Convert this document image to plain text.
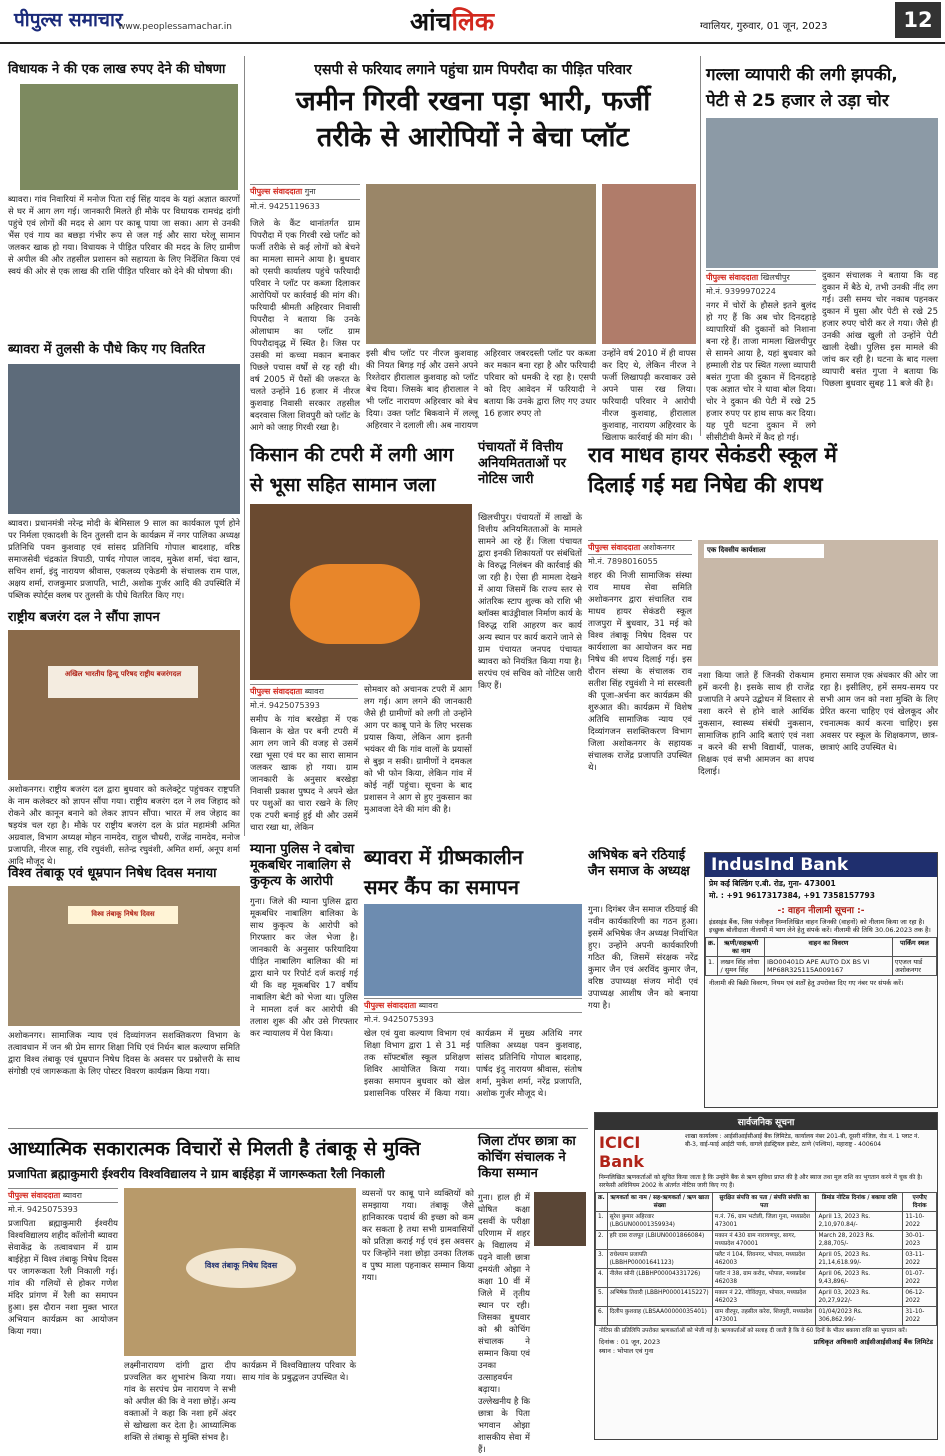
पीपुल्स समाचार
www.peoplessamachar.in	आंचलिक	ग्वालियर, गुरुवार, 01 जून, 2023	12
विधायक ने की एक लाख रुपए देने की घोषणा
ब्यावरा। गांव निवारियां में मनोज पिता राई सिंह यादव के यहां अज्ञात कारणों से घर में आग लग गई। जानकारी मिलते ही मौके पर विधायक रामचंद्र दांगी पहुंचे एवं लोगों की मदद से आग पर काबू पाया जा सका। आग से उनकी भैंस एवं गाय का बछड़ा गंभीर रूप से जल गई और सारा घरेलू सामान जलकर खाक हो गया। विधायक ने पीड़ित परिवार की मदद के लिए ग्रामीण से अपील की और तहसील प्रशासन को सहायता के लिए निर्देशित किया एवं स्वयं की ओर से एक लाख की राशि पीड़ित परिवार को देने की घोषणा की।
ब्यावरा में तुलसी के पौधे किए गए वितरित
ब्यावरा। प्रधानमंत्री नरेन्द्र मोदी के बेमिसाल 9 साल का कार्यकाल पूर्ण होने पर निर्मला एकादशी के दिन तुलसी दान के कार्यक्रम में नगर पालिका अध्यक्ष प्रतिनिधि पवन कुशवाह एवं सांसद प्रतिनिधि गोपाल बादशाह, वरिष्ठ समाजसेवी चंद्रकांत त्रिपाठी, पार्षद गोपाल जादव, मुकेश शर्मा, चंदा खान, सचिन शर्मा, इंदु नारायण श्रीवास, एकलव्य एकेडमी के संचालक राम पाल, अक्षय शर्मा, राजकुमार प्रजापति, भाटी, अशोक गुर्जर आदि की उपस्थिति में पब्लिक स्पोर्ट्स क्लब पर तुलसी के पौधे वितरित किए गए।
राष्ट्रीय बजरंग दल ने सौंपा ज्ञापन
अखिल भारतीय हिन्दू परिषद राष्ट्रीय बजरंगदल
अशोकनगर। राष्ट्रीय बजरंग दल द्वारा बुधवार को कलेक्ट्रेट पहुंचकर राष्ट्रपति के नाम कलेक्टर को ज्ञापन सौंपा गया। राष्ट्रीय बजरंग दल ने लव जिहाद को रोकने और कानून बनाने को लेकर ज्ञापन सौंपा। भारत में लव जेहाद का षड़यंत्र चल रहा है। मौके पर राष्ट्रीय बजरंग दल के प्रांत महामंत्री अमित अग्रवाल, विभाग अध्यक्ष मोहन नामदेव, राहुल चौधरी, राजेंद्र नामदेव, मनोज प्रजापति, नीरज साहू, रवि रघुवंशी, सतेन्द्र रघुवंशी, अमित शर्मा, अनूप शर्मा आदि मौजूद थे।
विश्व तंबाकू एवं धूम्रपान निषेध दिवस मनाया
विश्व तंबाकू निषेध दिवस
अशोकनगर। सामाजिक न्याय एवं दिव्यांगजन सशक्तिकरण विभाग के तत्वावधान में जन श्री प्रेम सागर शिक्षा निधि एवं निर्धन बाल कल्याण समिति द्वारा विश्व तंबाकू एवं धूम्रपान निषेध दिवस के अवसर पर प्रश्नोत्तरी के साथ संगोष्ठी एवं जागरूकता के लिए पोस्टर विवरण कार्यक्रम किया गया।
एसपी से फरियाद लगाने पहुंचा ग्राम पिपरौदा का पीड़ित परिवार
जमीन गिरवी रखना पड़ा भारी, फर्जी
तरीके से आरोपियों ने बेचा प्लॉट
पीपुल्स संवाददाता गुना
मो.नं. 9425119633
जिले के कैंट थानांतर्गत ग्राम पिपरौदा में एक गिरवी रखे प्लॉट को फर्जी तरीके से कई लोगों को बेचने का मामला सामने आया है। बुधवार को एसपी कार्यालय पहुंचे फरियादी परिवार ने प्लॉट पर कब्जा दिलाकर आरोपियों पर कार्रवाई की मांग की। फरियादी श्रीमती अहिरवार निवासी पिपरौदा ने बताया कि उनके ओलाधाम का प्लॉट ग्राम पिपरौदावृद्ध में स्थित है। जिस पर उसकी मां कच्चा मकान बनाकर पिछले पचास वर्षों से रह रही थी। वर्ष 2005 में पैसों की जरूरत के चलते उन्होंने 16 हजार में नीरज कुशवाह निवासी सरकार तहसील बदरवास जिला शिवपुरी को प्लॉट के आगे को जग़ह गिरवी रखा है।
इसी बीच प्लॉट पर नीरज कुशवाह की नियत बिगड़ गई और उसने अपने रिश्तेदार हीरालाल कुशवाह को प्लॉट बेच दिया। जिसके बाद हीरालाल ने भी प्लॉट नारायण अहिरवार को बेच दिया। उक्त प्लॉट बिकवाने में लल्लू अहिरवार ने दलाली ली। अब नारायण अहिरवार जबरदस्ती प्लॉट पर कब्जा कर मकान बना रहा है और फरियादी परिवार को धमकी दे रहा है। एसपी को दिए आवेदन में फरियादी ने बताया कि उनके द्वारा लिए गए उधार 16 हजार रुपए तो
उन्होंने वर्ष 2010 में ही वापस कर दिए थे, लेकिन नीरज ने फर्जी लिखापढ़ी करवाकर उसे अपने पास रख लिया। फरियादी परिवार ने आरोपी नीरज कुशवाह, हीरालाल कुशवाह, नारायण अहिरवार के खिलाफ कार्रवाई की मांग की।
गल्ला व्यापारी की लगी झपकी,
पेटी से 25 हजार ले उड़ा चोर
पीपुल्स संवाददाता खिलचीपुर
मो.नं. 9399970224
नगर में चोरों के हौसले इतने बुलंद हो गए हैं कि अब चोर दिनदहाड़े व्यापारियों की दुकानों को निशाना बना रहे हैं। ताजा मामला खिलचीपुर से सामने आया है, यहां बुधवार को हम्माली रोड पर स्थित गल्ला व्यापारी बसंत गुप्ता की दुकान में दिनदहाड़े एक अज्ञात चोर ने धावा बोल दिया। चोर ने दुकान की पेटी में रखे 25 हजार रुपए पर हाथ साफ कर दिया। यह पूरी घटना दुकान में लगे सीसीटीवी कैमरे में कैद हो गई।
दुकान संचालक ने बताया कि वह दुकान में बैठे थे, तभी उनकी नींद लग गई। उसी समय चोर नकाब पहनकर दुकान में घुसा और पेटी से रखे 25 हजार रुपए चोरी कर ले गया। जैसे ही उनकी आंख खुली तो उन्होंने पेटी खाली देखी। पुलिस इस मामले की जांच कर रही है। घटना के बाद गल्ला व्यापारी बसंत गुप्ता ने बताया कि पिछला बुधवार सुबह 11 बजे की है।
किसान की टपरी में लगी आग
से भूसा सहित सामान जला
पीपुल्स संवाददाता ब्यावरा
मो.नं. 9425075393
समीप के गांव बरखेड़ा में एक किसान के खेत पर बनी टपरी में आग लग जाने की वजह से उसमें रखा भूसा एवं घर का सारा सामान जलकर खाक हो गया। ग्राम जानकारी के अनुसार बरखेड़ा निवासी प्रकाश पुष्पद ने अपने खेत पर पशुओं का चारा रखने के लिए एक टपरी बनाई हुई थी और उसमें चारा रखा था, लेकिन
सोमवार को अचानक टपरी में आग लग गई। आग लगने की जानकारी जैसे ही ग्रामीणों को लगी तो उन्होंने आग पर काबू पाने के लिए भरसक प्रयास किया, लेकिन आग इतनी भयंकर थी कि गांव वालों के प्रयासों से बुझ न सकी। ग्रामीणों ने दमकल को भी फोन किया, लेकिन गांव में कोई नहीं पहुंचा। सूचना के बाद प्रशासन ने आग से हुए नुकसान का मुआवजा देने की मांग की है।
पंचायतों में वित्तीय अनियमितताओं पर नोटिस जारी
खिलचीपुर। पंचायतों में लाखों के वित्तीय अनियमितताओं के मामले सामने आ रहे हैं। जिला पंचायत द्वारा इनकी शिकायतों पर संबंधितों के विरुद्ध निलंबन की कार्रवाई की जा रही है। ऐसा ही मामला देखने में आया जिसमें कि राज्य स्तर से आंतरिक स्टाप शुल्क को राशि भी ब्लॉक्स बाउंड्रीवाल निर्माण कार्य के विरुद्ध राशि आहरण कर कार्य अन्य स्थान पर कार्य कराने जाने से ग्राम पंचायत जनपद पंचायत ब्यावरा को नियंत्रित किया गया है। सरपंच एवं सचिव को नोटिस जारी किए हैं।
राव माधव हायर सेकंडरी स्कूल में
दिलाई गई मद्य निषेद्य की शपथ
पीपुल्स संवाददाता अशोकनगर
मो.नं. 7898016055
शहर की निजी सामाजिक संस्था राव माधव सेवा समिति अशोकनगर द्वारा संचालित राव माधव हायर सेकंडरी स्कूल ताजपुरा में बुधवार, 31 मई को विश्व तंबाकू निषेध दिवस पर कार्यशाला का आयोजन कर मद्य निषेध की शपथ दिलाई गई। इस दौरान संस्था के संचालक राव सतीश सिंह रघुवंशी ने मां सरस्वती की पूजा-अर्चना कर कार्यक्रम की शुरुआत की। कार्यक्रम में विशेष अतिथि सामाजिक न्याय एवं दिव्यांगजन सशक्तिकरण विभाग जिला अशोकनगर के सहायक संचालक राजेंद्र प्रजापति उपस्थित थे।
एक दिवसीय कार्यशाला
नशा किया जाते हैं जिनकी रोकथाम हमें करनी है। इसके साथ ही राजेंद्र प्रजापति ने अपने उद्बोधन में विस्तार से नशा करने से होने वाले आर्थिक नुकसान, स्वास्थ्य संबंधी नुकसान, सामाजिक हानि आदि बताएं एवं नशा न करने की सभी विद्यार्थी, पालक, शिक्षक एवं सभी आमजन का शपथ दिलाई।
हमारा समाज एक अंधकार की ओर जा रहा है। इसीलिए, हमें समय-समय पर सभी आम जन को नशा मुक्ति के लिए प्रेरित करना चाहिए एवं खेलकूद और रचनात्मक कार्य करना चाहिए। इस अवसर पर स्कूल के शिक्षकगण, छात्र-छात्राएं आदि उपस्थित थे।
म्याना पुलिस ने दबोचा
मूकबधिर नाबालिग से
कुकृत्य के आरोपी
गुना। जिले की म्याना पुलिस द्वारा मूकबधिर नाबालिग बालिका के साथ कुकृत्य के आरोपी को गिरफ्तार कर जेल भेजा है। जानकारी के अनुसार फरियादिया पीड़ित नाबालिग बालिका की मां द्वारा थाने पर रिपोर्ट दर्ज कराई गई थी कि वह मूकबधिर 17 वर्षीय नाबालिग बेटी को भेजा था। पुलिस ने मामला दर्ज कर आरोपी की तलाश शुरू की और उसे गिरफ्तार कर न्यायालय में पेश किया।
ब्यावरा में ग्रीष्मकालीन
समर कैंप का समापन
पीपुल्स संवाददाता ब्यावरा
मो.नं. 9425075393
खेल एवं युवा कल्याण विभाग एवं शिक्षा विभाग द्वारा 1 से 31 मई तक सॉफ्टबॉल स्कूल प्रशिक्षण शिविर आयोजित किया गया। इसका समापन बुधवार को खेल प्रशासनिक परिसर में किया गया। कार्यक्रम में मुख्य अतिथि नगर पालिका अध्यक्ष पवन कुशवाह, सांसद प्रतिनिधि गोपाल बादशाह, पार्षद इंदु नारायण श्रीवास, संतोष शर्मा, मुकेश शर्मा, नरेंद्र प्रजापति, अशोक गुर्जर मौजूद थे।
अभिषेक बने रठियाई जैन समाज के अध्यक्ष
गुना। दिगंबर जैन समाज रठियाई की नवीन कार्यकारिणी का गठन हुआ। इसमें अभिषेक जैन अध्यक्ष निर्वाचित हुए। उन्होंने अपनी कार्यकारिणी गठित की, जिसमें संरक्षक नरेंद्र कुमार जैन एवं अरविंद कुमार जैन, वरिष्ठ उपाध्यक्ष संजय मोदी एवं उपाध्यक्ष आशीष जैन को बनाया गया है।
IndusInd Bank
प्रेम कई बिल्डिंग ए.बी. रोड, गुना- 473001
मो. : +91 9617317384, +91 7358157793
-: वाहन नीलामी सूचना :-
इंडसइंड बैंक, जिस पंजीकृत निम्नलिखित वाहन जिनकी (वाहनों) को नीलाम किया जा रहा है। इच्छुक बोलीदाता नीलामी में भाग लेने हेतु संपर्क करें। नीलामी की तिथि 30.06.2023 तक है।
क्र.	ऋणी/सहऋणी का नाम	वाहन का विवरण	पार्किंग स्थल
1.	लखन सिंह लोधा / सुमन सिंह	IBO00401D APE AUTO DX BS VI MP68R325115A009167	एएजल यार्ड अशोकनगर
नीलामी की बिक्री विवरण, नियम एवं शर्तों हेतु उपरोक्त दिए गए नंबर पर संपर्क करें।
आध्यात्मिक सकारात्मक विचारों से मिलती है तंबाकू से मुक्ति
प्रजापिता ब्रह्माकुमारी ईश्वरीय विश्वविद्यालय ने ग्राम बाईहेड़ा में जागरूकता रैली निकाली
पीपुल्स संवाददाता ब्यावरा
मो.नं. 9425075393
प्रजापिता ब्रह्माकुमारी ईश्वरीय विश्वविद्यालय शहीद कॉलोनी ब्यावरा सेवाकेंद्र के तत्वावधान में ग्राम बाईहेड़ा में विश्व तंबाकू निषेध दिवस पर जागरूकता रैली निकाली गई। गांव की गलियों से होकर गणेश मंदिर प्रांगण में रैली का समापन हुआ। इस दौरान नशा मुक्त भारत अभियान कार्यक्रम का आयोजन किया गया।
विश्व तंबाकू निषेध दिवस
लक्ष्मीनारायण दांगी द्वारा दीप प्रज्वलित कर शुभारंभ किया गया। गांव के सरपंच प्रेम नारायण ने सभी को अपील की कि वे नशा छोड़ें। अन्य वक्ताओं ने कहा कि नशा हमें अंदर से खोखला कर देता है। आध्यात्मिक शक्ति से तंबाकू से मुक्ति संभव है।
कार्यक्रम में विश्वविद्यालय परिवार के साथ गांव के प्रबुद्धजन उपस्थित थे।
व्यसनों पर काबू पाने व्यक्तियों को समझाया गया। तंबाकू जैसे हानिकारक पदार्थ की इच्छा को कम कर सकता है तथा सभी ग्रामवासियों को प्रतिज्ञा कराई गई एवं इस अवसर पर जिन्होंने नशा छोड़ा उनका तिलक व पुष्प माला पहनाकर सम्मान किया गया।
जिला टॉपर छात्रा का कोचिंग संचालक ने किया सम्मान
गुना। हाल ही में घोषित कक्षा दसवीं के परीक्षा परिणाम में शहर के विद्यालय में पढ़ने वाली छात्रा दमयंती ओझा ने कक्षा 10 वीं में जिले में तृतीय स्थान पर रही। जिसका बुधवार को श्री कोचिंग संचालक ने सम्मान किया एवं उनका उत्साहवर्धन बढ़ाया। उल्लेखनीय है कि छात्रा के पिता भगवान ओझा शासकीय सेवा में हैं।
सार्वजनिक सूचना
ICICI Bank
शाखा कार्यालय : आईसीआईसीआई बैंक लिमिटेड, कार्यालय नंबर 201-बी, दूसरी मंजिल, रोड नं. 1 प्लाट नं. बी-3, वाई-फाई आईटी पार्क, वागले इंडस्ट्रियल इस्टेट, ठाणे (पश्चिम), महाराष्ट्र - 400604
निम्नलिखित ऋणकर्ताओं को सूचित किया जाता है कि उन्होंने बैंक से ऋण सुविधा प्राप्त की है और ब्याज तथा मूल राशि का भुगतान करने में चूक की है। सरफेसी अधिनियम 2002 के अंतर्गत नोटिस जारी किए गए हैं।
क्र.	ऋणकर्ता का नाम / सह-ऋणकर्ता / ऋण खाता संख्या	सुरक्षित संपत्ति का पता / संपत्ति संपत्ति का पता	डिमांड नोटिस दिनांक / बकाया राशि	एनपीए दिनांक
1.	सुरेश कुमार अहिरवार (LBGUN00001359934)	म.नं. 76, ग्राम भटोली, जिला गुना, मध्यप्रदेश 473001	April 13, 2023 Rs. 2,10,970.84/-	11-10-2022
2.	हरि दास राजपूत (LBIUN0001866084)	मकान नं 430 ग्राम नारायणपुर, सागर, मध्यप्रदेश 470001	March 28, 2023 Rs. 2,88,705/-	30-01-2023
3.	राधेश्याम प्रजापति (LBBHP00001641123)	फ्लैट नं 104, शिवनगर, भोपाल, मध्यप्रदेश 462003	April 05, 2023 Rs. 21,14,618.99/-	03-11-2022
4.	नीलेश सोनी (LBBHP00004331726)	प्लॉट नं 38, ग्राम करोद, भोपाल, मध्यप्रदेश 462038	April 06, 2023 Rs. 9,43,896/-	01-07-2022
5.	अभिषेक तिवारी (LBBHP00001415227)	मकान नं 22, गोविंदपुरा, भोपाल, मध्यप्रदेश 462023	April 03, 2023 Rs. 20,27,922/-	06-12-2022
6.	दिलीप कुशवाह (LBSAA00000035401)	ग्राम वीरपुर, तहसील करेरा, शिवपुरी, मध्यप्रदेश 473001	01/04/2023 Rs. 306,862.99/-	31-10-2022
नोटिस की प्रतिलिपि उपरोक्त ऋणकर्ताओं को भेजी गई है। ऋणकर्ताओं को सलाह दी जाती है कि वे 60 दिनों के भीतर बकाया राशि का भुगतान करें।
दिनांक : 01 जून, 2023
स्थान : भोपाल एवं गुना
प्राधिकृत अधिकारी आईसीआईसीआई बैंक लिमिटेड
